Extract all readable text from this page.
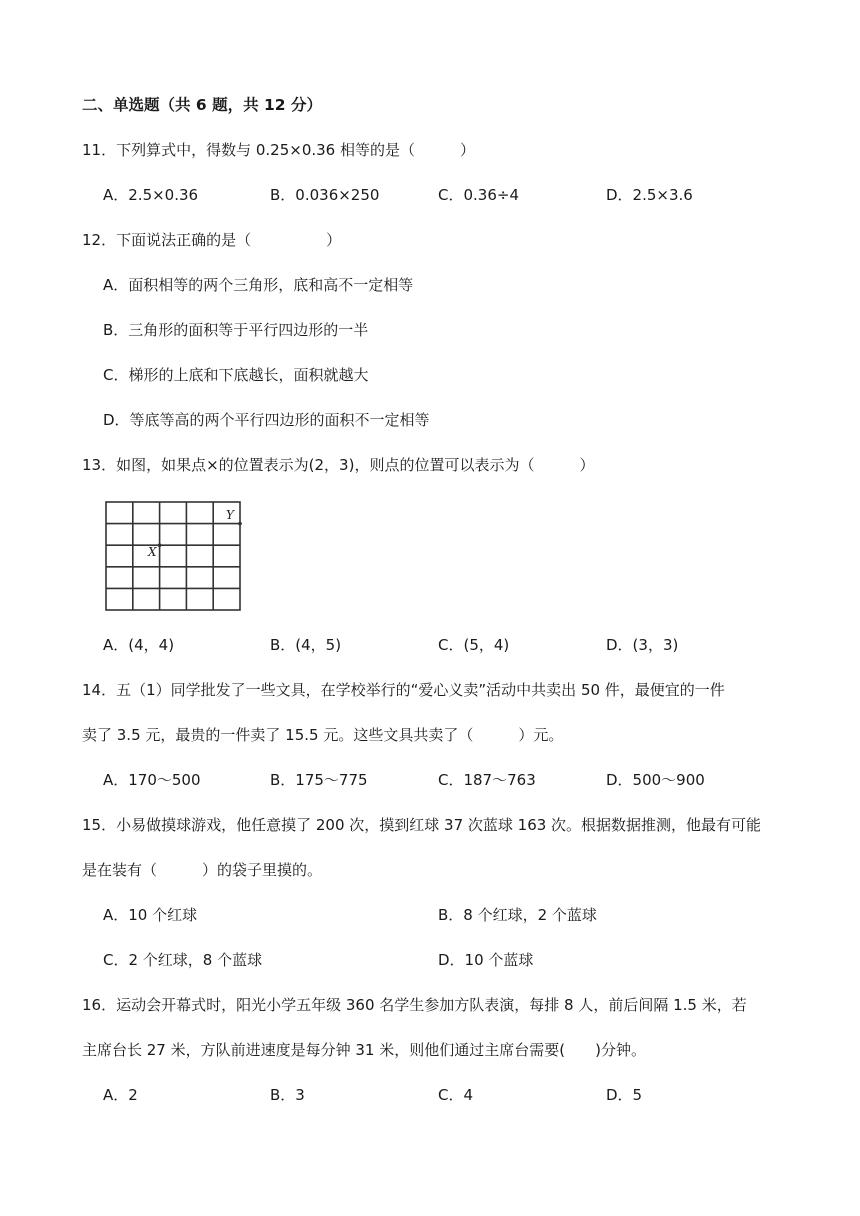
二、单选题（共 6 题，共 12 分）
11．下列算式中，得数与 0.25×0.36 相等的是（　　　）
A．2.5×0.36	B．0.036×250	C．0.36÷4	D．2.5×3.6
12．下面说法正确的是（　　　　　）
A．面积相等的两个三角形，底和高不一定相等
B．三角形的面积等于平行四边形的一半
C．梯形的上底和下底越长，面积就越大
D．等底等高的两个平行四边形的面积不一定相等
13．如图，如果点×的位置表示为(2，3)，则点的位置可以表示为（　　　）
X
Y
A．(4，4)	B．(4，5)	C．(5，4)	D．(3，3)
14．五（1）同学批发了一些文具，在学校举行的“爱心义卖”活动中共卖出 50 件，最便宜的一件
卖了 3.5 元，最贵的一件卖了 15.5 元。这些文具共卖了（　　　）元。
A．170～500	B．175～775	C．187～763	D．500～900
15．小易做摸球游戏，他任意摸了 200 次，摸到红球 37 次蓝球 163 次。根据数据推测，他最有可能
是在装有（　　　）的袋子里摸的。
A．10 个红球	B．8 个红球，2 个蓝球
C．2 个红球，8 个蓝球	D．10 个蓝球
16．运动会开幕式时，阳光小学五年级 360 名学生参加方队表演，每排 8 人，前后间隔 1.5 米，若
主席台长 27 米，方队前进速度是每分钟 31 米，则他们通过主席台需要(　　)分钟。
A．2	B．3	C．4	D．5
